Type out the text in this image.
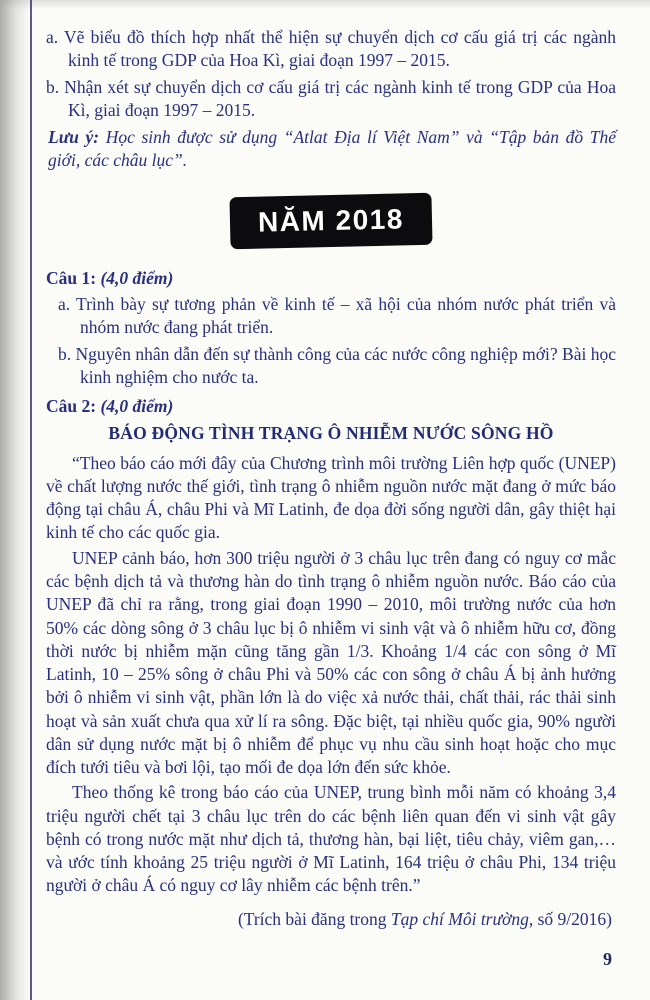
a. Vẽ biểu đồ thích hợp nhất thể hiện sự chuyển dịch cơ cấu giá trị các ngành kinh tế trong GDP của Hoa Kì, giai đoạn 1997 – 2015.
b. Nhận xét sự chuyển dịch cơ cấu giá trị các ngành kinh tế trong GDP của Hoa Kì, giai đoạn 1997 – 2015.
Lưu ý: Học sinh được sử dụng “Atlat Địa lí Việt Nam” và “Tập bản đồ Thế giới, các châu lục”.
NĂM 2018
Câu 1: (4,0 điểm)
a. Trình bày sự tương phản về kinh tế – xã hội của nhóm nước phát triển và nhóm nước đang phát triển.
b. Nguyên nhân dẫn đến sự thành công của các nước công nghiệp mới? Bài học kinh nghiệm cho nước ta.
Câu 2: (4,0 điểm)
BÁO ĐỘNG TÌNH TRẠNG Ô NHIỄM NƯỚC SÔNG HỒ

“Theo báo cáo mới đây của Chương trình môi trường Liên hợp quốc (UNEP) về chất lượng nước thế giới, tình trạng ô nhiễm nguồn nước mặt đang ở mức báo động tại châu Á, châu Phi và Mĩ Latinh, đe dọa đời sống người dân, gây thiệt hại kinh tế cho các quốc gia.

UNEP cảnh báo, hơn 300 triệu người ở 3 châu lục trên đang có nguy cơ mắc các bệnh dịch tả và thương hàn do tình trạng ô nhiễm nguồn nước. Báo cáo của UNEP đã chỉ ra rằng, trong giai đoạn 1990 – 2010, môi trường nước của hơn 50% các dòng sông ở 3 châu lục bị ô nhiễm vi sinh vật và ô nhiễm hữu cơ, đồng thời nước bị nhiễm mặn cũng tăng gần 1/3. Khoảng 1/4 các con sông ở Mĩ Latinh, 10 – 25% sông ở châu Phi và 50% các con sông ở châu Á bị ảnh hưởng bởi ô nhiễm vi sinh vật, phần lớn là do việc xả nước thải, chất thải, rác thải sinh hoạt và sản xuất chưa qua xử lí ra sông. Đặc biệt, tại nhiều quốc gia, 90% người dân sử dụng nước mặt bị ô nhiễm để phục vụ nhu cầu sinh hoạt hoặc cho mục đích tưới tiêu và bơi lội, tạo mối đe dọa lớn đến sức khỏe.

Theo thống kê trong báo cáo của UNEP, trung bình mỗi năm có khoảng 3,4 triệu người chết tại 3 châu lục trên do các bệnh liên quan đến vi sinh vật gây bệnh có trong nước mặt như dịch tả, thương hàn, bại liệt, tiêu chảy, viêm gan,… và ước tính khoảng 25 triệu người ở Mĩ Latinh, 164 triệu ở châu Phi, 134 triệu người ở châu Á có nguy cơ lây nhiễm các bệnh trên.”

(Trích bài đăng trong Tạp chí Môi trường, số 9/2016)
9
